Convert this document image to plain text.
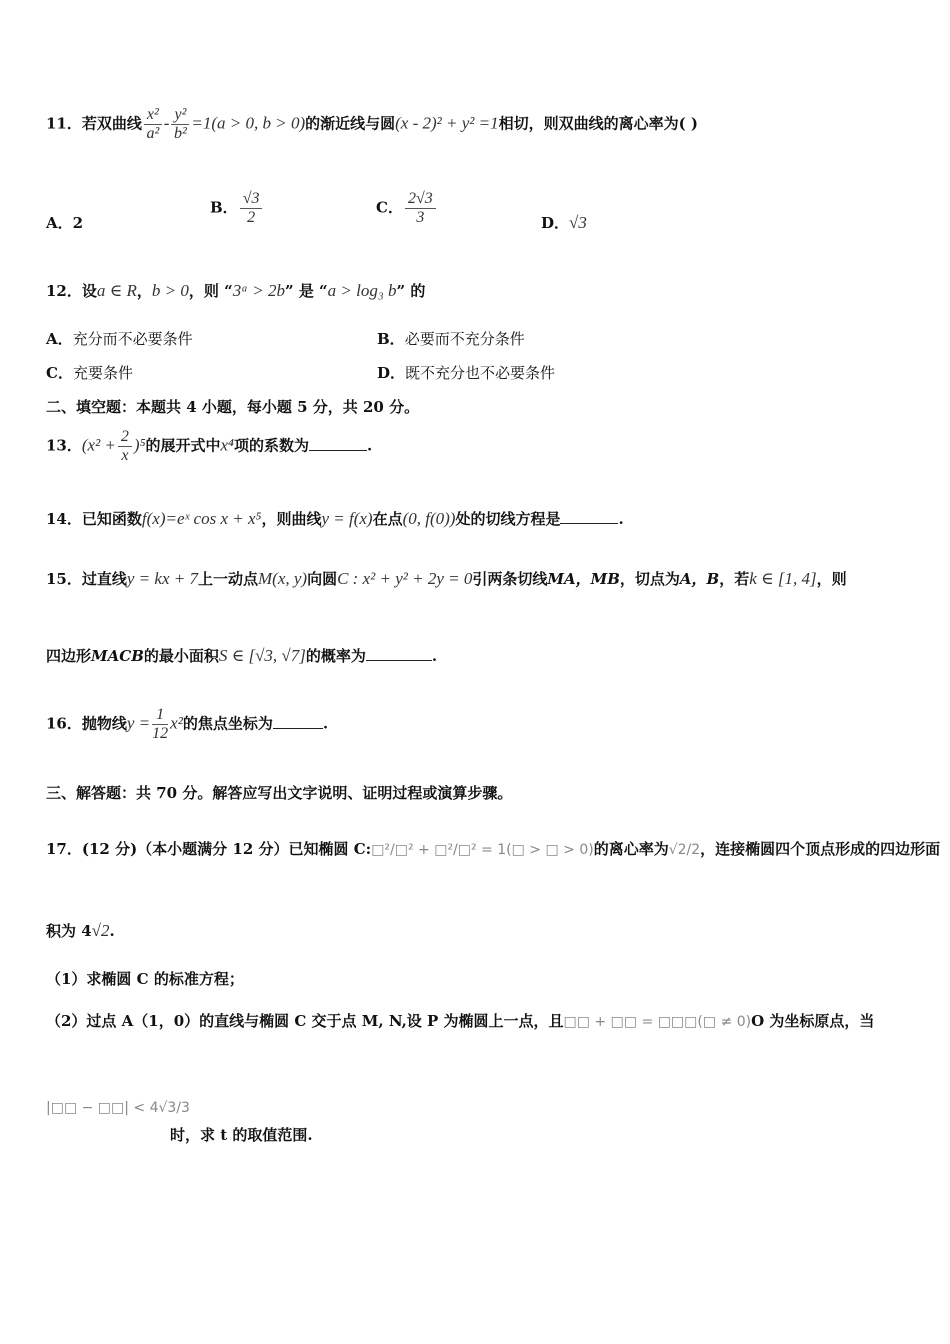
11．若双曲线 $\frac{\text{x²}}{\text{a²}} - \frac{\text{y²}}{\text{b²}} =1(a > 0$, b > 0)的渐近线与圆(x - 2)² + y² =1相切，则双曲线的离心率为( )
A．2
B． $\frac{√3}{2}$	C． $\frac{2√3}{3}$	D．√3
12．设a ∈ R，b > 0，则 “3ᵃ > 2b” 是 “a > log₃ b” 的
A．充分而不必要条件	B．必要而不充分条件
C．充要条件	D．既不充分也不必要条件
二、填空题：本题共 4 小题，每小题 5 分，共 20 分。
13．$(x^2 + \frac{2}{x} )^5$的展开式中x⁴项的系数为	.
14．已知函数f(x)=eˣ cos x + x⁵，则曲线y = f(x)在点(0, f(0))处的切线方程是	.
15．过直线y = kx + 7上一动点M(x, y)向圆C : x² + y² + 2y = 0引两条切线MA，MB，切点为A，B，若k ∈ [1, 4]，则
四边形MACB的最小面积S ∈ [√3, √7]的概率为	.
16．抛物线$y = \frac{1}{12} x^2$的焦点坐标为	.
三、解答题：共 70 分。解答应写出文字说明、证明过程或演算步骤。
17．(12 分)（本小题满分 12 分）已知椭圆 C:□²/□² + □²/□² = 1(□ > □ > 0)的离心率为√2/2，连接椭圆四个顶点形成的四边形面
积为 4√2.
（1）求椭圆 C 的标准方程；
（2）过点 A（1，0）的直线与椭圆 C 交于点 M, N,设 P 为椭圆上一点，且□□ + □□ = □□□(□ ≠ 0)O 为坐标原点，当
|□□ − □□| < 4√3/3
时，求 t 的取值范围.
